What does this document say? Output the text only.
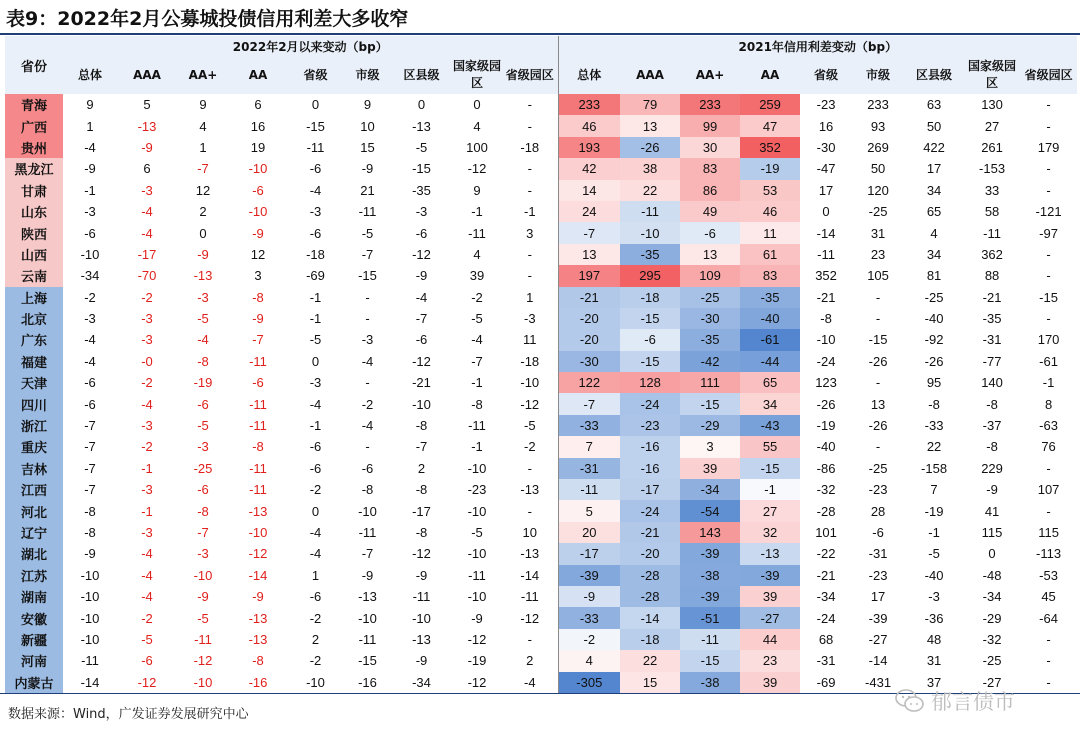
表9：2022年2月公募城投债信用利差大多收窄
省份	2022年2月以来变动（bp）									2021年信用利差变动（bp）								
	总体	AAA	AA+	AA	省级	市级	区县级	国家级园区	省级园区	总体	AAA	AA+	AA	省级	市级	区县级	国家级园区	省级园区
青海	9	5	9	6	0	9	0	0	-	233	79	233	259	-23	233	63	130	-
广西	1	-13	4	16	-15	10	-13	4	-	46	13	99	47	16	93	50	27	-
贵州	-4	-9	1	19	-11	15	-5	100	-18	193	-26	30	352	-30	269	422	261	179
黑龙江	-9	6	-7	-10	-6	-9	-15	-12	-	42	38	83	-19	-47	50	17	-153	-
甘肃	-1	-3	12	-6	-4	21	-35	9	-	14	22	86	53	17	120	34	33	-
山东	-3	-4	2	-10	-3	-11	-3	-1	-1	24	-11	49	46	0	-25	65	58	-121
陕西	-6	-4	0	-9	-6	-5	-6	-11	3	-7	-10	-6	11	-14	31	4	-11	-97
山西	-10	-17	-9	12	-18	-7	-12	4	-	13	-35	13	61	-11	23	34	362	-
云南	-34	-70	-13	3	-69	-15	-9	39	-	197	295	109	83	352	105	81	88	-
上海	-2	-2	-3	-8	-1	-	-4	-2	1	-21	-18	-25	-35	-21	-	-25	-21	-15
北京	-3	-3	-5	-9	-1	-	-7	-5	-3	-20	-15	-30	-40	-8	-	-40	-35	-
广东	-4	-3	-4	-7	-5	-3	-6	-4	11	-20	-6	-35	-61	-10	-15	-92	-31	170
福建	-4	-0	-8	-11	0	-4	-12	-7	-18	-30	-15	-42	-44	-24	-26	-26	-77	-61
天津	-6	-2	-19	-6	-3	-	-21	-1	-10	122	128	111	65	123	-	95	140	-1
四川	-6	-4	-6	-11	-4	-2	-10	-8	-12	-7	-24	-15	34	-26	13	-8	-8	8
浙江	-7	-3	-5	-11	-1	-4	-8	-11	-5	-33	-23	-29	-43	-19	-26	-33	-37	-63
重庆	-7	-2	-3	-8	-6	-	-7	-1	-2	7	-16	3	55	-40	-	22	-8	76
吉林	-7	-1	-25	-11	-6	-6	2	-10	-	-31	-16	39	-15	-86	-25	-158	229	-
江西	-7	-3	-6	-11	-2	-8	-8	-23	-13	-11	-17	-34	-1	-32	-23	7	-9	107
河北	-8	-1	-8	-13	0	-10	-17	-10	-	5	-24	-54	27	-28	28	-19	41	-
辽宁	-8	-3	-7	-10	-4	-11	-8	-5	10	20	-21	143	32	101	-6	-1	115	115
湖北	-9	-4	-3	-12	-4	-7	-12	-10	-13	-17	-20	-39	-13	-22	-31	-5	0	-113
江苏	-10	-4	-10	-14	1	-9	-9	-11	-14	-39	-28	-38	-39	-21	-23	-40	-48	-53
湖南	-10	-4	-9	-9	-6	-13	-11	-10	-11	-9	-28	-39	39	-34	17	-3	-34	45
安徽	-10	-2	-5	-13	-2	-10	-10	-9	-12	-33	-14	-51	-27	-24	-39	-36	-29	-64
新疆	-10	-5	-11	-13	2	-11	-13	-12	-	-2	-18	-11	44	68	-27	48	-32	-
河南	-11	-6	-12	-8	-2	-15	-9	-19	2	4	22	-15	23	-31	-14	31	-25	-
内蒙古	-14	-12	-10	-16	-10	-16	-34	-12	-4	-305	15	-38	39	-69	-431	37	-27	-
数据来源：Wind，广发证券发展研究中心
郁言债市
